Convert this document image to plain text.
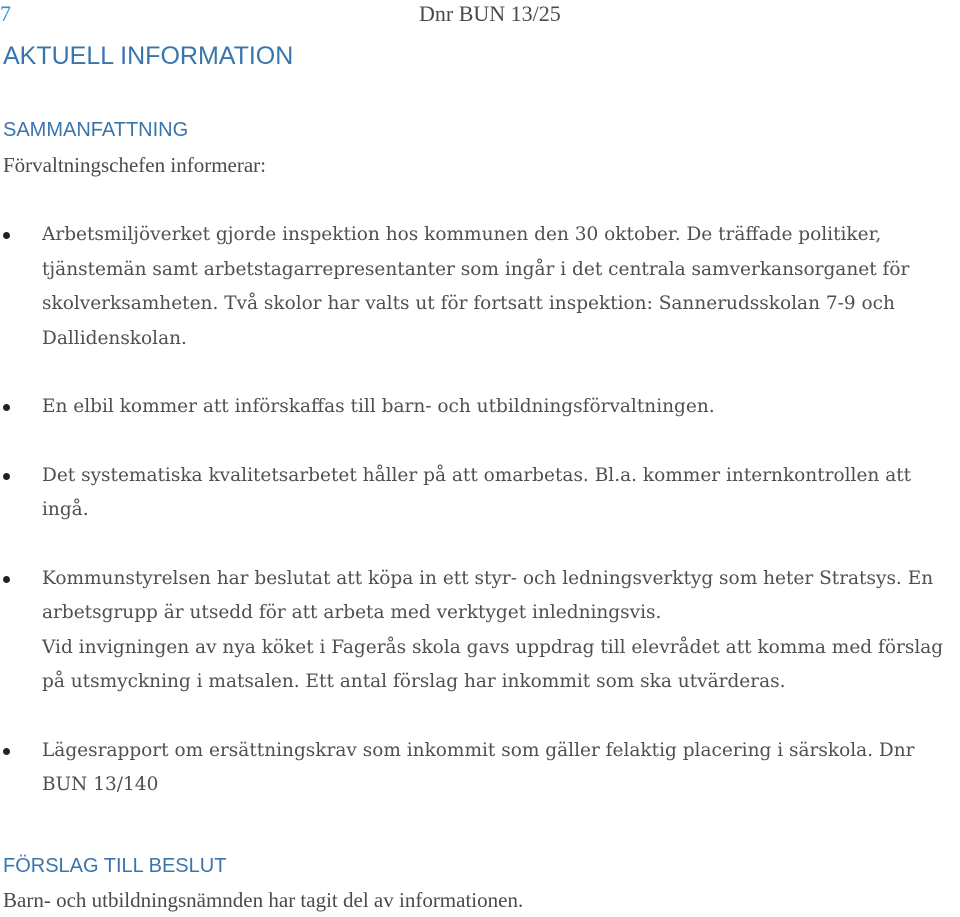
7	Dnr BUN 13/25
AKTUELL INFORMATION
SAMMANFATTNING

Förvaltningschefen informerar:

Arbetsmiljöverket gjorde inspektion hos kommunen den 30 oktober. De träffade politiker, tjänstemän samt arbetstagarrepresentanter som ingår i det centrala samverkansorganet för skolverksamheten. Två skolor har valts ut för fortsatt inspektion: Sannerudsskolan 7-9 och Dallidenskolan.

En elbil kommer att införskaffas till barn- och utbildningsförvaltningen.

Det systematiska kvalitetsarbetet håller på att omarbetas. Bl.a. kommer internkontrollen att ingå.

Kommunstyrelsen har beslutat att köpa in ett styr- och ledningsverktyg som heter Stratsys. En arbetsgrupp är utsedd för att arbeta med verktyget inledningsvis.

Vid invigningen av nya köket i Fagerås skola gavs uppdrag till elevrådet att komma med förslag på utsmyckning i matsalen. Ett antal förslag har inkommit som ska utvärderas.

Lägesrapport om ersättningskrav som inkommit som gäller felaktig placering i särskola. Dnr BUN 13/140

FÖRSLAG TILL BESLUT

Barn- och utbildningsnämnden har tagit del av informationen.
